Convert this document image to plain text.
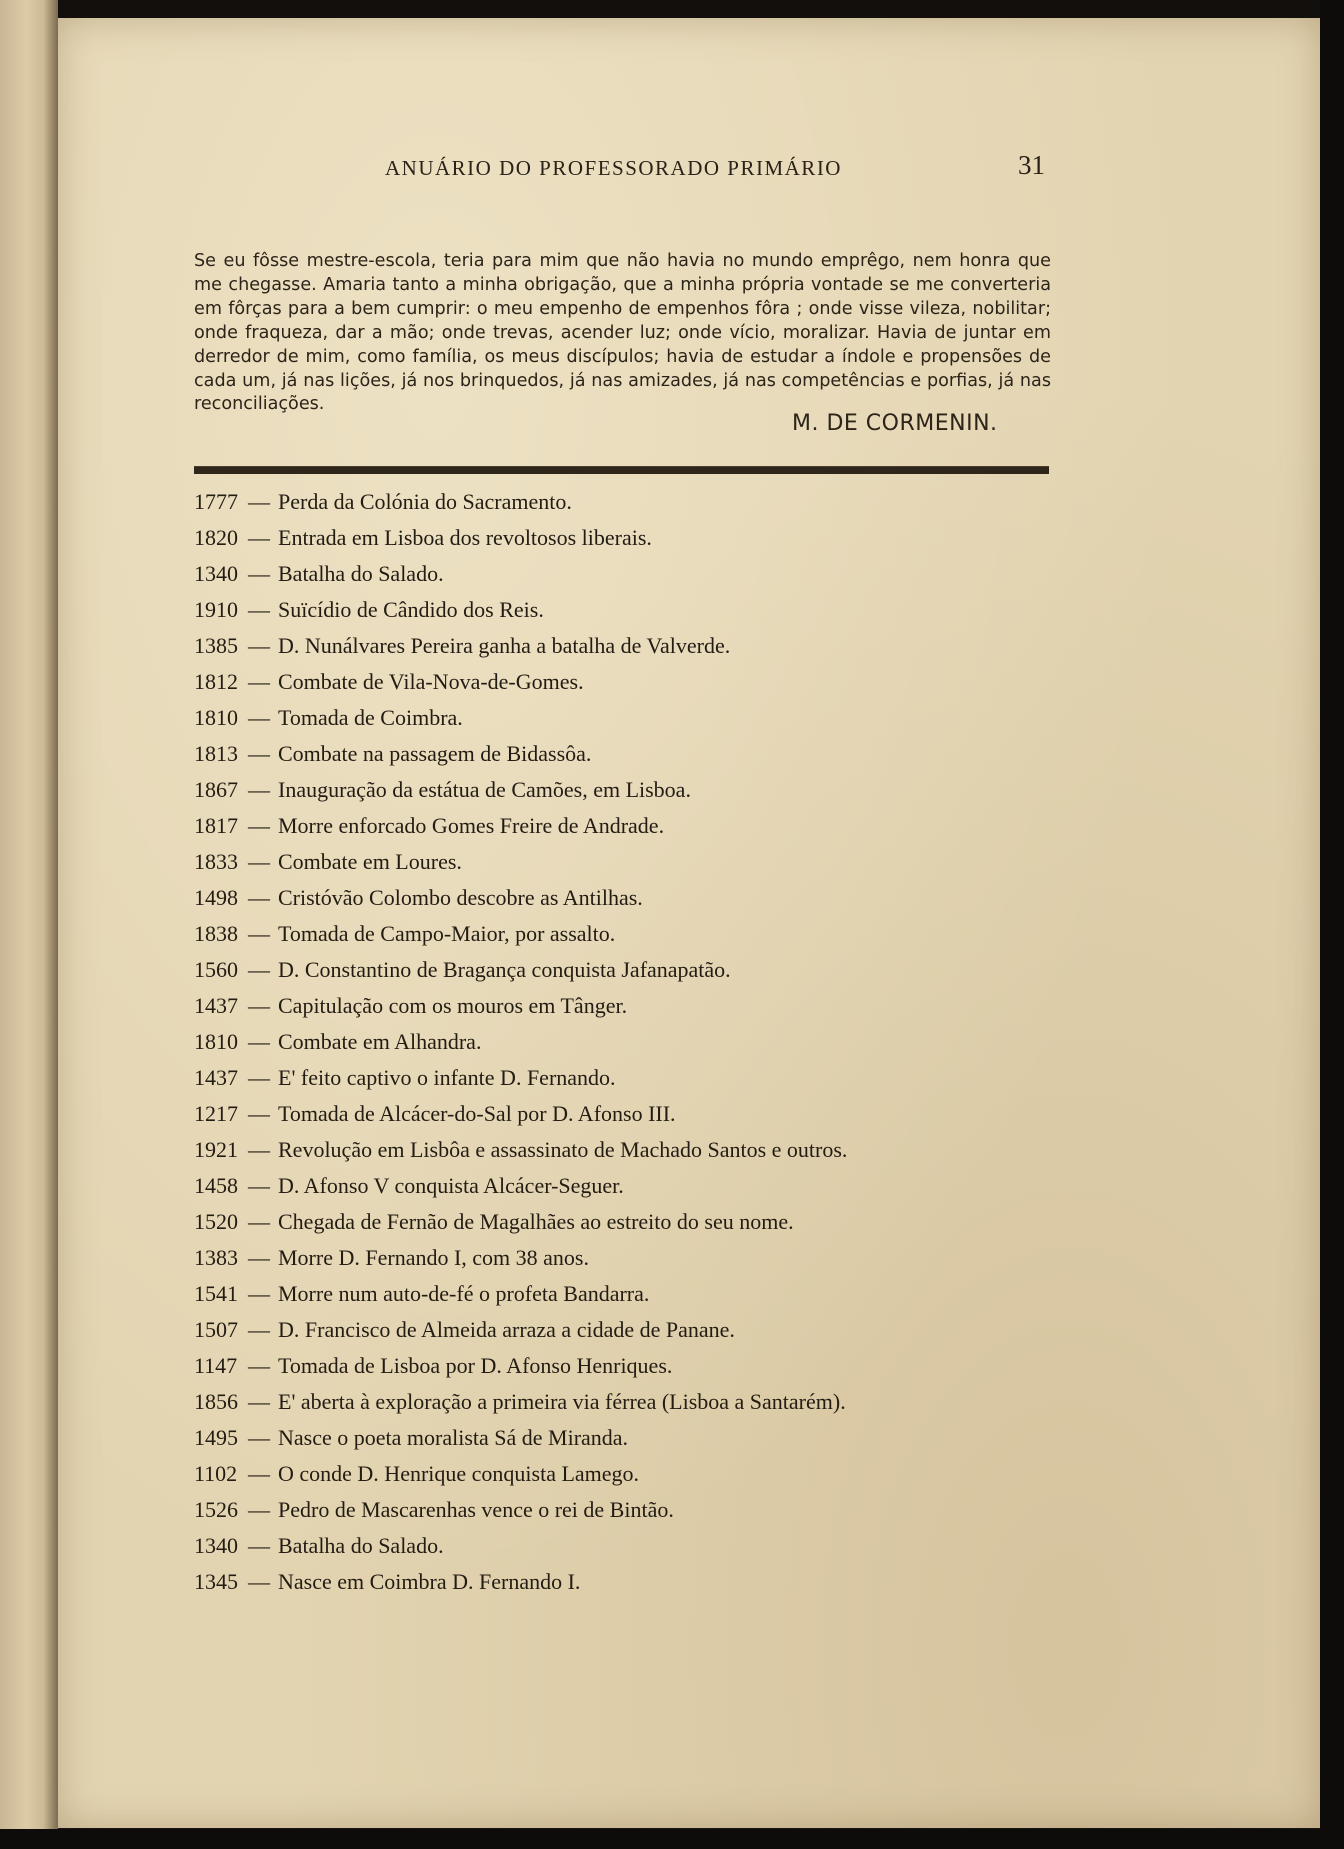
ANUÁRIO DO PROFESSORADO PRIMÁRIO	31
Se eu fôsse mestre-escola, teria para mim que não havia no mundo emprêgo, nem honra que me chegasse. Amaria tanto a minha obrigação, que a minha própria vontade se me converteria em fôrças para a bem cumprir: o meu empenho de empenhos fôra ; onde visse vileza, nobilitar; onde fraqueza, dar a mão; onde trevas, acender luz; onde vício, moralizar. Havia de juntar em derredor de mim, como família, os meus discípulos; havia de estudar a índole e propensões de cada um, já nas lições, já nos brinquedos, já nas amizades, já nas competências e porfias, já nas reconciliações.
M. DE CORMENIN.
1777 — Perda da Colónia do Sacramento.
1820 — Entrada em Lisboa dos revoltosos liberais.
1340 — Batalha do Salado.
1910 — Suïcídio de Cândido dos Reis.
1385 — D. Nunálvares Pereira ganha a batalha de Valverde.
1812 — Combate de Vila-Nova-de-Gomes.
1810 — Tomada de Coimbra.
1813 — Combate na passagem de Bidassôa.
1867 — Inauguração da estátua de Camões, em Lisboa.
1817 — Morre enforcado Gomes Freire de Andrade.
1833 — Combate em Loures.
1498 — Cristóvão Colombo descobre as Antilhas.
1838 — Tomada de Campo-Maior, por assalto.
1560 — D. Constantino de Bragança conquista Jafanapatão.
1437 — Capitulação com os mouros em Tânger.
1810 — Combate em Alhandra.
1437 — E' feito captivo o infante D. Fernando.
1217 — Tomada de Alcácer-do-Sal por D. Afonso III.
1921 — Revolução em Lisbôa e assassinato de Machado Santos e outros.
1458 — D. Afonso V conquista Alcácer-Seguer.
1520 — Chegada de Fernão de Magalhães ao estreito do seu nome.
1383 — Morre D. Fernando I, com 38 anos.
1541 — Morre num auto-de-fé o profeta Bandarra.
1507 — D. Francisco de Almeida arraza a cidade de Panane.
1147 — Tomada de Lisboa por D. Afonso Henriques.
1856 — E' aberta à exploração a primeira via férrea (Lisboa a Santarém).
1495 — Nasce o poeta moralista Sá de Miranda.
1102 — O conde D. Henrique conquista Lamego.
1526 — Pedro de Mascarenhas vence o rei de Bintão.
1340 — Batalha do Salado.
1345 — Nasce em Coimbra D. Fernando I.
